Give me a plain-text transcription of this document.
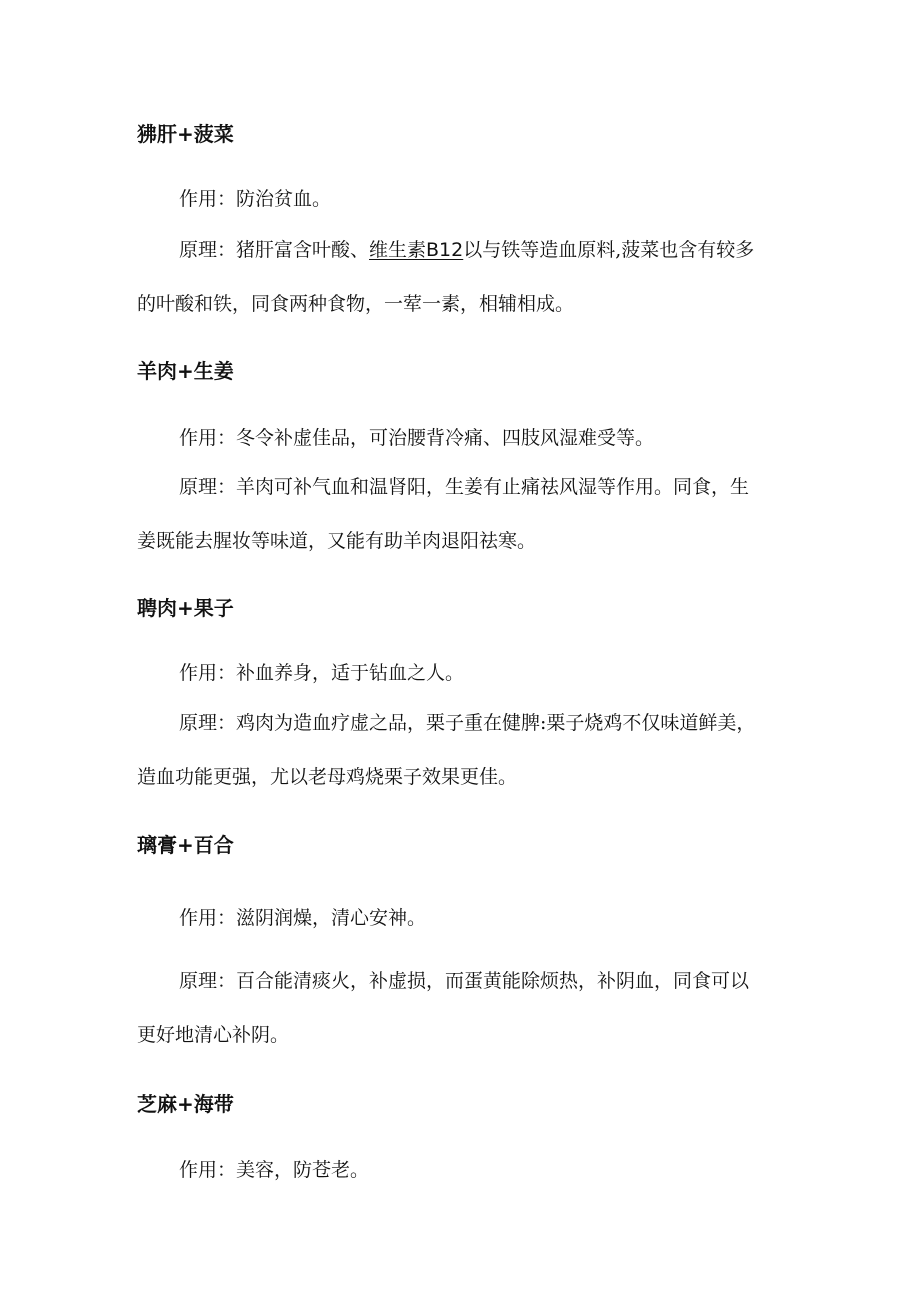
狒肝+菠菜
作用：防治贫血。
原理：猪肝富含叶酸、维生素B12以与铁等造血原料,菠菜也含有较多
的叶酸和铁，同食两种食物，一荤一素，相辅相成。
羊肉+生姜
作用：冬令补虚佳品，可治腰背冷痛、四肢风湿难受等。
原理：羊肉可补气血和温肾阳，生姜有止痛祛风湿等作用。同食，生
姜既能去腥妆等味道，又能有助羊肉退阳祛寒。
聘肉+果子
作用：补血养身，适于钻血之人。
原理：鸡肉为造血疗虚之品，栗子重在健脾:栗子烧鸡不仅味道鲜美，
造血功能更强，尤以老母鸡烧栗子效果更佳。
璃膏+百合
作用：滋阴润燥，清心安神。
原理：百合能清痰火，补虚损，而蛋黄能除烦热，补阴血，同食可以
更好地清心补阴。
芝麻+海带
作用：美容，防苍老。
